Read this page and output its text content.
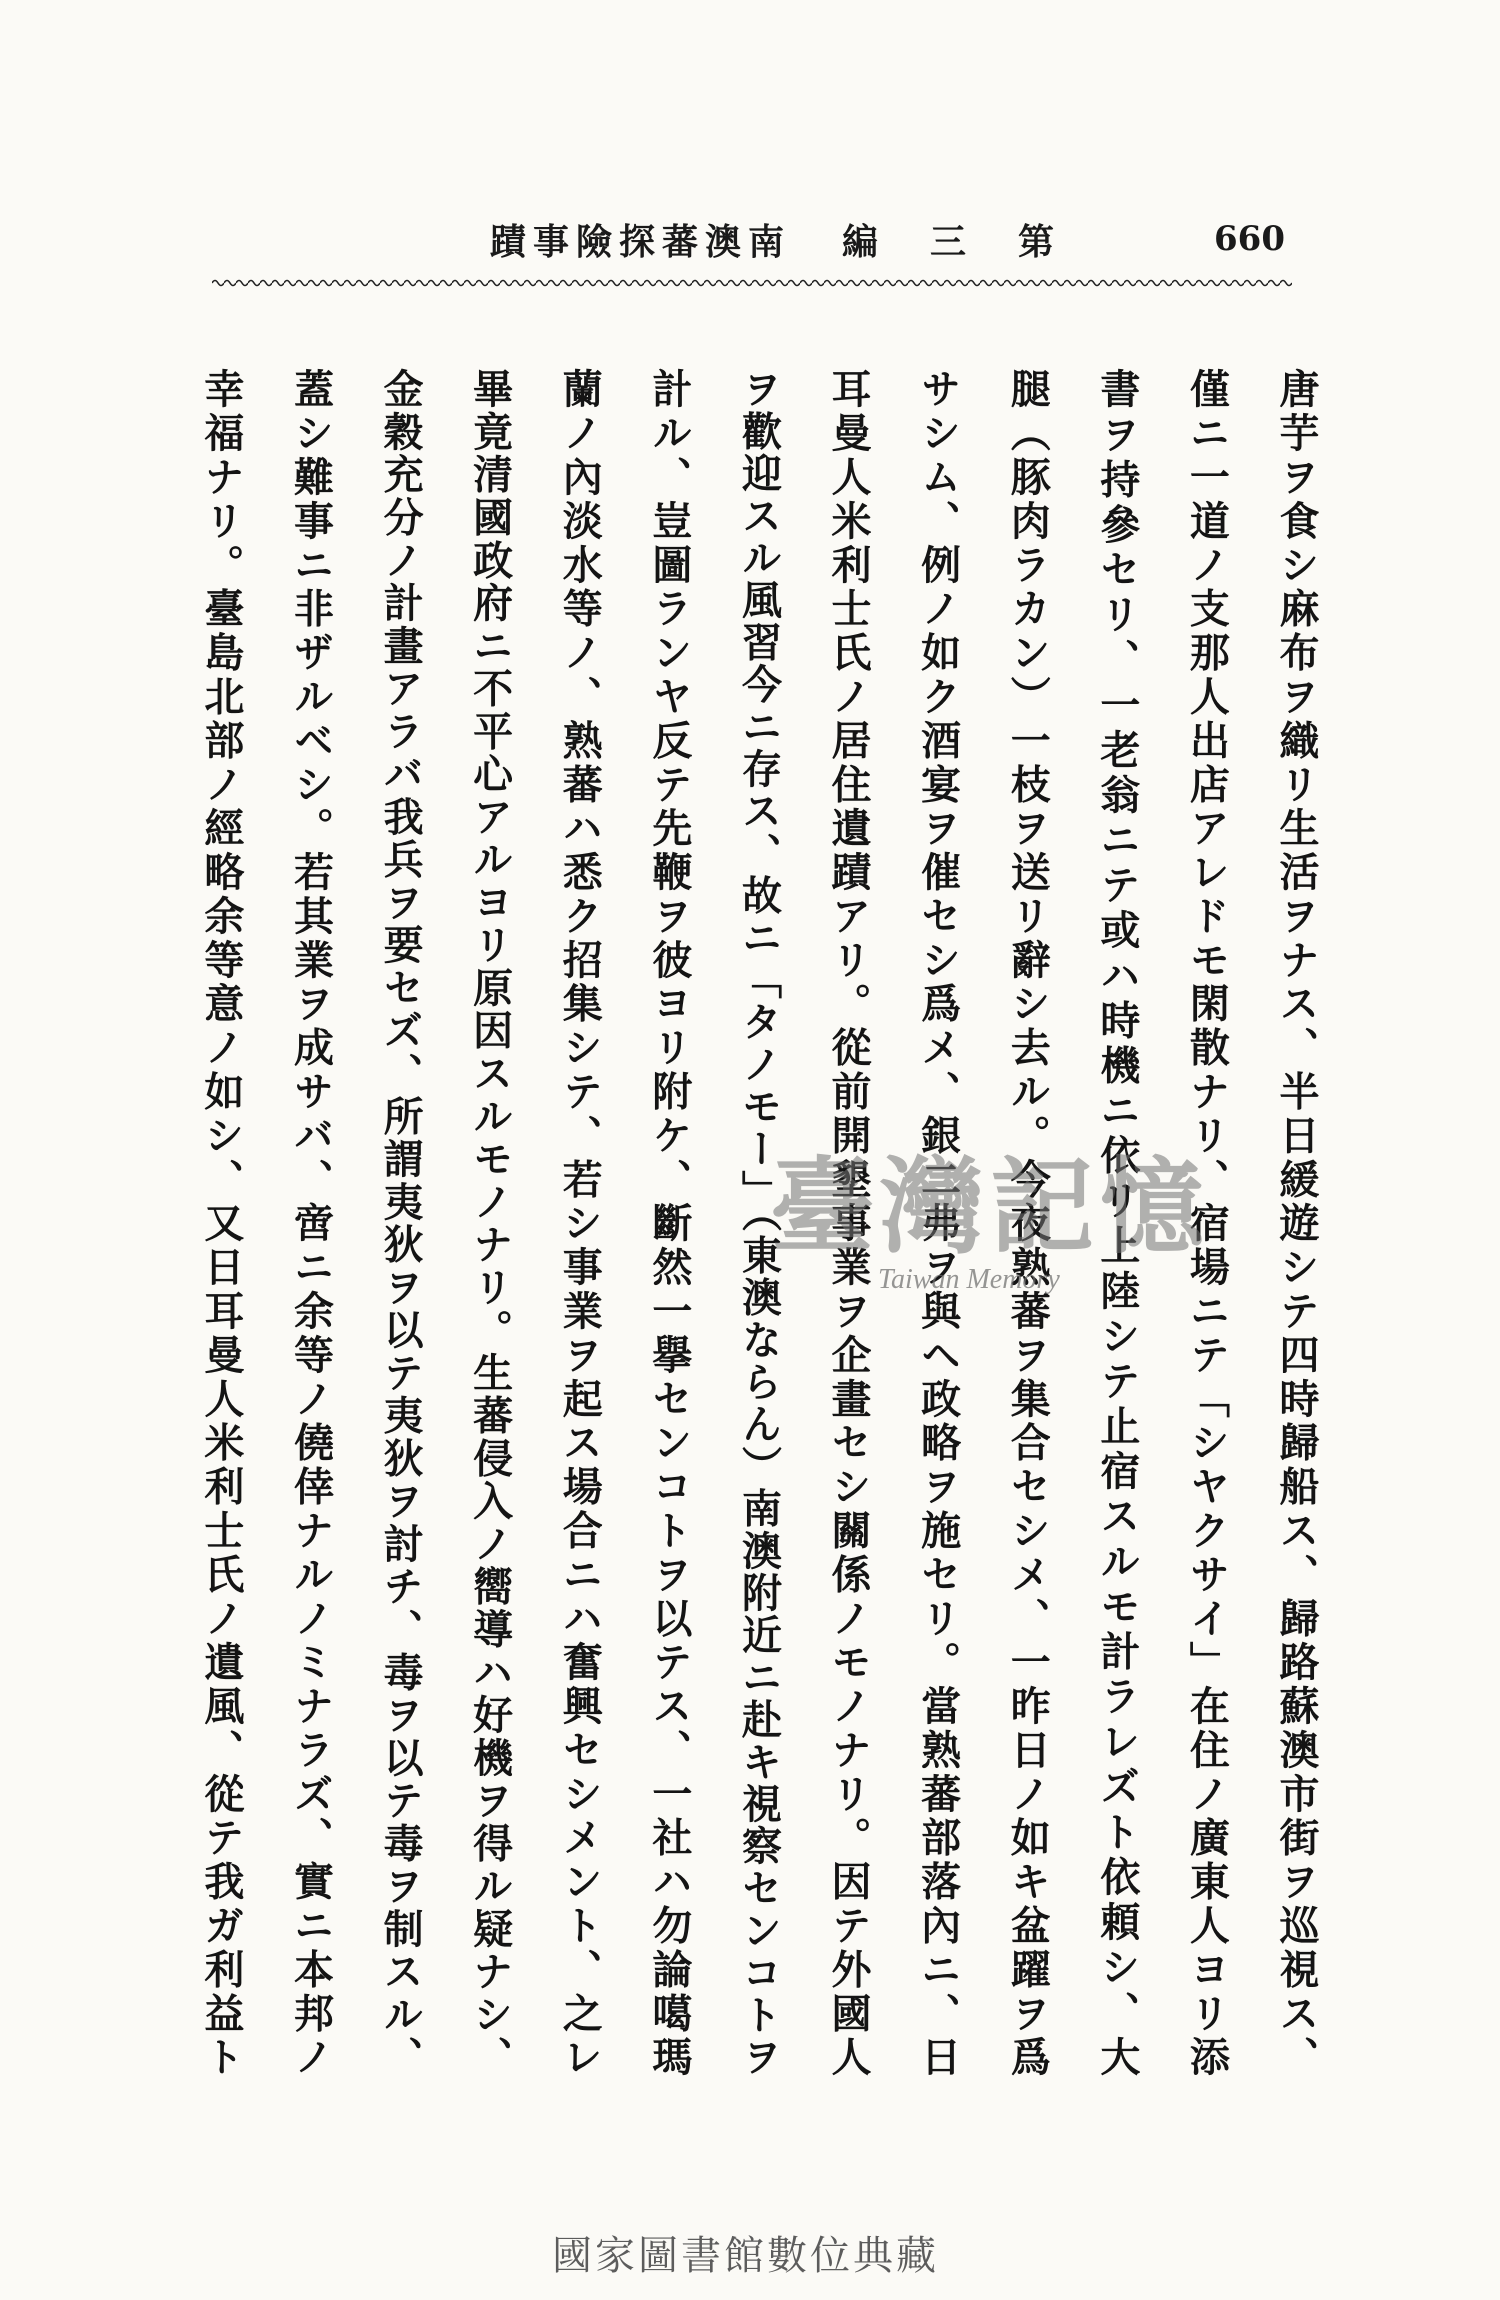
南澳蕃探險事蹟 第三編	660
唐芋ヲ食シ麻布ヲ織リ生活ヲナス、半日緩遊シテ四時歸船ス、歸路蘇澳市街ヲ巡視ス、
僅ニ一道ノ支那人出店アレドモ閑散ナリ、宿場ニテ「シヤクサイ」在住ノ廣東人ヨリ添
書ヲ持參セリ、一老翁ニテ或ハ時機ニ依リ上陸シテ止宿スルモ計ラレズト依頼シ、大
腿（豚肉ラカン）一枝ヲ送リ辭シ去ル。今夜熟蕃ヲ集合セシメ、一昨日ノ如キ盆躍ヲ爲
サシム、例ノ如ク酒宴ヲ催セシ爲メ、銀二弗ヲ與ヘ政略ヲ施セリ。當熟蕃部落內ニ、日
耳曼人米利士氏ノ居住遺蹟アリ。從前開墾事業ヲ企畫セシ關係ノモノナリ。因テ外國人
ヲ歡迎スル風習今ニ存ス、故ニ「タノモー」（東澳ならん）南澳附近ニ赴キ視察センコトヲ
計ル、豈圖ランヤ反テ先鞭ヲ彼ヨリ附ケ、斷然一擧センコトヲ以テス、一社ハ勿論噶瑪
蘭ノ內淡水等ノ、熟蕃ハ悉ク招集シテ、若シ事業ヲ起ス場合ニハ奮興セシメント、之レ
畢竟清國政府ニ不平心アルヨリ原因スルモノナリ。生蕃侵入ノ嚮導ハ好機ヲ得ル疑ナシ、
金穀充分ノ計畫アラバ我兵ヲ要セズ、所謂夷狄ヲ以テ夷狄ヲ討チ、毒ヲ以テ毒ヲ制スル、
蓋シ難事ニ非ザルベシ。若其業ヲ成サバ、啻ニ余等ノ僥倖ナルノミナラズ、實ニ本邦ノ
幸福ナリ。臺島北部ノ經略余等意ノ如シ、又日耳曼人米利士氏ノ遺風、從テ我ガ利益ト	臺灣記憶
Taiwan Memory
國家圖書館數位典藏
